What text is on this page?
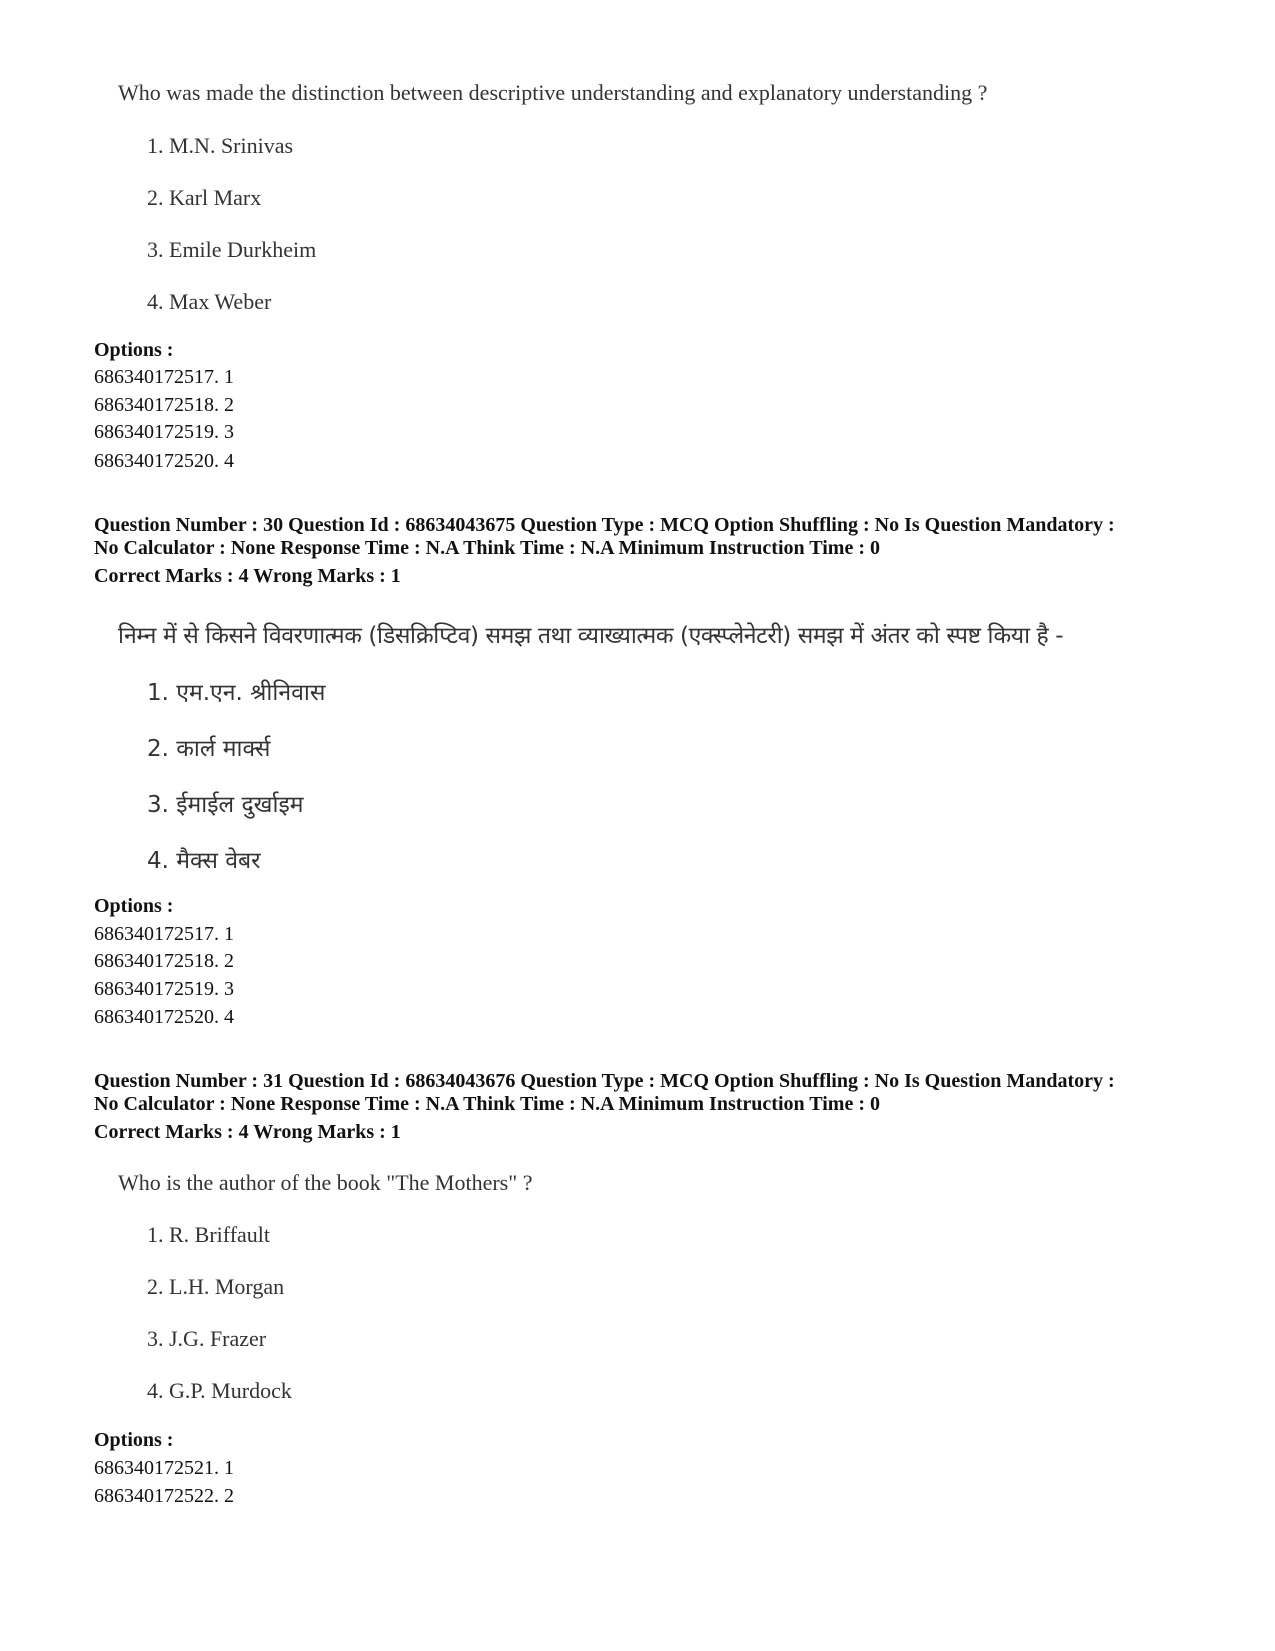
Who was made the distinction between descriptive understanding and explanatory understanding ?
1. M.N. Srinivas
2. Karl Marx
3. Emile Durkheim
4. Max Weber
Options :
686340172517. 1
686340172518. 2
686340172519. 3
686340172520. 4
Question Number : 30 Question Id : 68634043675 Question Type : MCQ Option Shuffling : No Is Question Mandatory :
No Calculator : None Response Time : N.A Think Time : N.A Minimum Instruction Time : 0
Correct Marks : 4 Wrong Marks : 1
निम्न में से किसने विवरणात्मक (डिसक्रिप्टिव) समझ तथा व्याख्यात्मक (एक्स्प्लेनेटरी) समझ में अंतर को स्पष्ट किया है -
1. एम.एन. श्रीनिवास
2. कार्ल मार्क्स
3. ईमाईल दुर्खाइम
4. मैक्स वेबर
Options :
686340172517. 1
686340172518. 2
686340172519. 3
686340172520. 4
Question Number : 31 Question Id : 68634043676 Question Type : MCQ Option Shuffling : No Is Question Mandatory :
No Calculator : None Response Time : N.A Think Time : N.A Minimum Instruction Time : 0
Correct Marks : 4 Wrong Marks : 1
Who is the author of the book "The Mothers" ?
1. R. Briffault
2. L.H. Morgan
3. J.G. Frazer
4. G.P. Murdock
Options :
686340172521. 1
686340172522. 2
